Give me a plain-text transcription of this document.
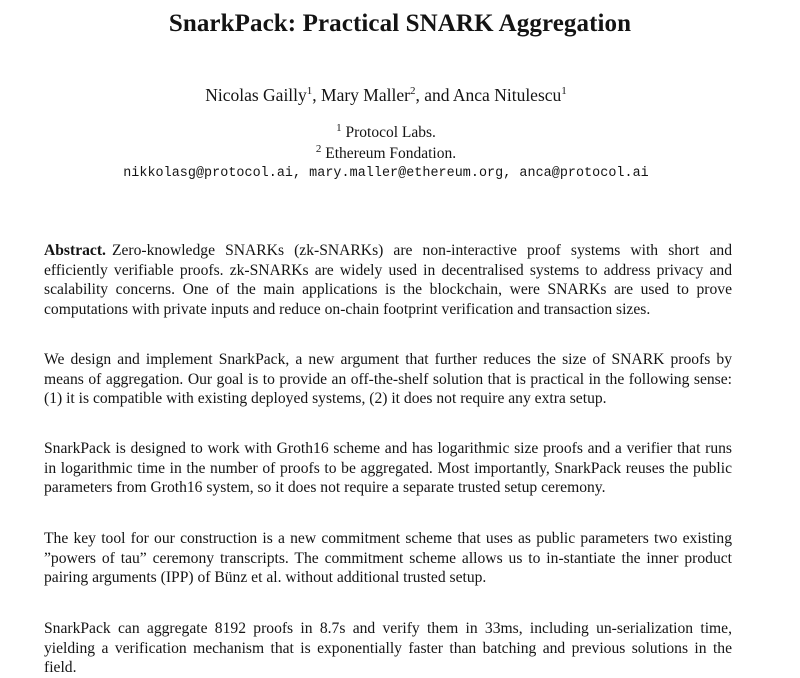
SnarkPack: Practical SNARK Aggregation
Nicolas Gailly$^1$, Mary Maller$^2$, and Anca Nitulescu$^1$
$^1$ Protocol Labs.
$^2$ Ethereum Fondation.
nikkolasg@protocol.ai, mary.maller@ethereum.org, anca@protocol.ai

Abstract. Zero-knowledge SNARKs (zk-SNARKs) are non-interactive proof systems with short and efficiently verifiable proofs. zk-SNARKs are widely used in decentralised systems to address privacy and scalability concerns. One of the main applications is the blockchain, were SNARKs are used to prove computations with private inputs and reduce on-chain footprint verification and transaction sizes.

We design and implement SnarkPack, a new argument that further reduces the size of SNARK proofs by means of aggregation. Our goal is to provide an off-the-shelf solution that is practical in the following sense: (1) it is compatible with existing deployed systems, (2) it does not require any extra setup.

SnarkPack is designed to work with Groth16 scheme and has logarithmic size proofs and a verifier that runs in logarithmic time in the number of proofs to be aggregated. Most importantly, SnarkPack reuses the public parameters from Groth16 system, so it does not require a separate trusted setup ceremony.

The key tool for our construction is a new commitment scheme that uses as public parameters two existing ”powers of tau” ceremony transcripts. The commitment scheme allows us to in-stantiate the inner product pairing arguments (IPP) of Bünz et al. without additional trusted setup.

SnarkPack can aggregate 8192 proofs in 8.7s and verify them in 33ms, including un-serialization time, yielding a verification mechanism that is exponentially faster than batching and previous solutions in the field.
